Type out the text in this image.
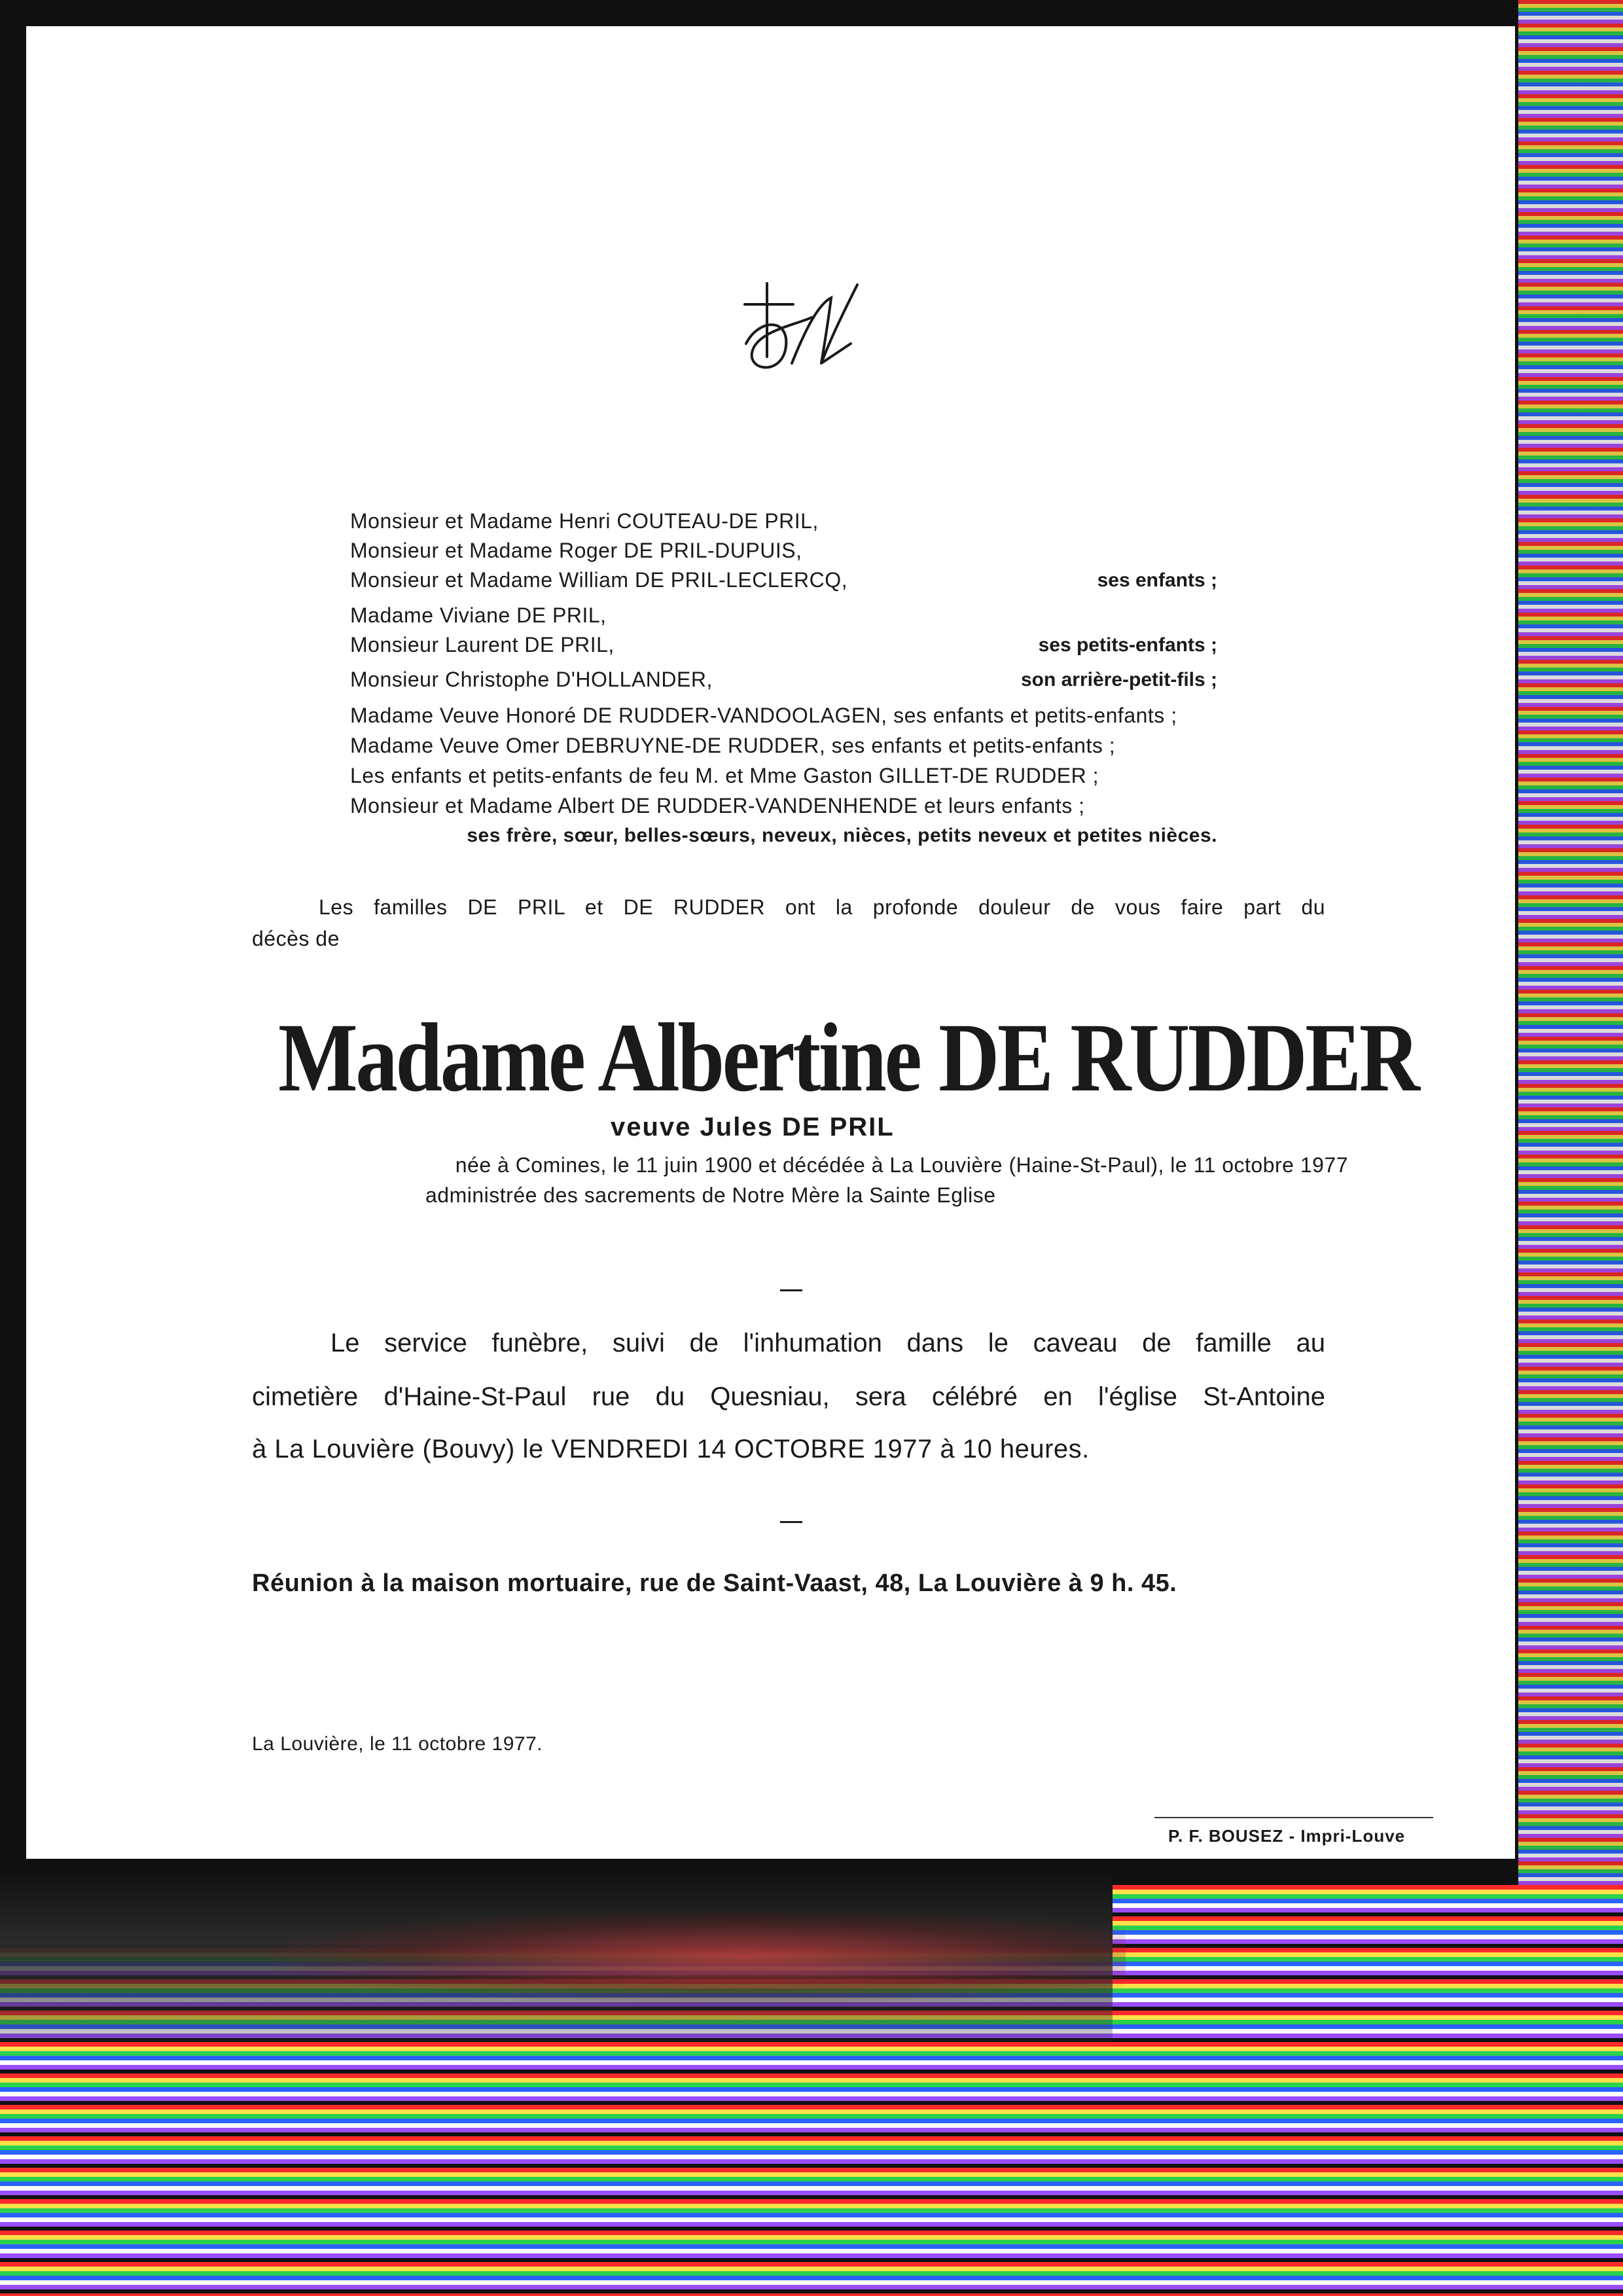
Monsieur et Madame Henri COUTEAU-DE PRIL,
Monsieur et Madame Roger DE PRIL-DUPUIS,
Monsieur et Madame William DE PRIL-LECLERCQ,	ses enfants ;
Madame Viviane DE PRIL,
Monsieur Laurent DE PRIL,	ses petits-enfants ;
Monsieur Christophe D'HOLLANDER,	son arrière-petit-fils ;
Madame Veuve Honoré DE RUDDER-VANDOOLAGEN, ses enfants et petits-enfants ;
Madame Veuve Omer DEBRUYNE-DE RUDDER, ses enfants et petits-enfants ;
Les enfants et petits-enfants de feu M. et Mme Gaston GILLET-DE RUDDER ;
Monsieur et Madame Albert DE RUDDER-VANDENHENDE et leurs enfants ;
ses frère, sœur, belles-sœurs, neveux, nièces, petits neveux et petites nièces.
Les familles DE PRIL et DE RUDDER ont la profonde douleur de vous faire part du
décès de
Madame Albertine DE RUDDER
veuve Jules DE PRIL
née à Comines, le 11 juin 1900 et décédée à La Louvière (Haine-St-Paul), le 11 octobre 1977
administrée des sacrements de Notre Mère la Sainte Eglise
Le service funèbre, suivi de l'inhumation dans le caveau de famille au
cimetière d'Haine-St-Paul rue du Quesniau, sera célébré en l'église St-Antoine
à La Louvière (Bouvy) le VENDREDI 14 OCTOBRE 1977 à 10 heures.
Réunion à la maison mortuaire, rue de Saint-Vaast, 48, La Louvière à 9 h. 45.
La Louvière, le 11 octobre 1977.
P. F. BOUSEZ - Impri-Louve
